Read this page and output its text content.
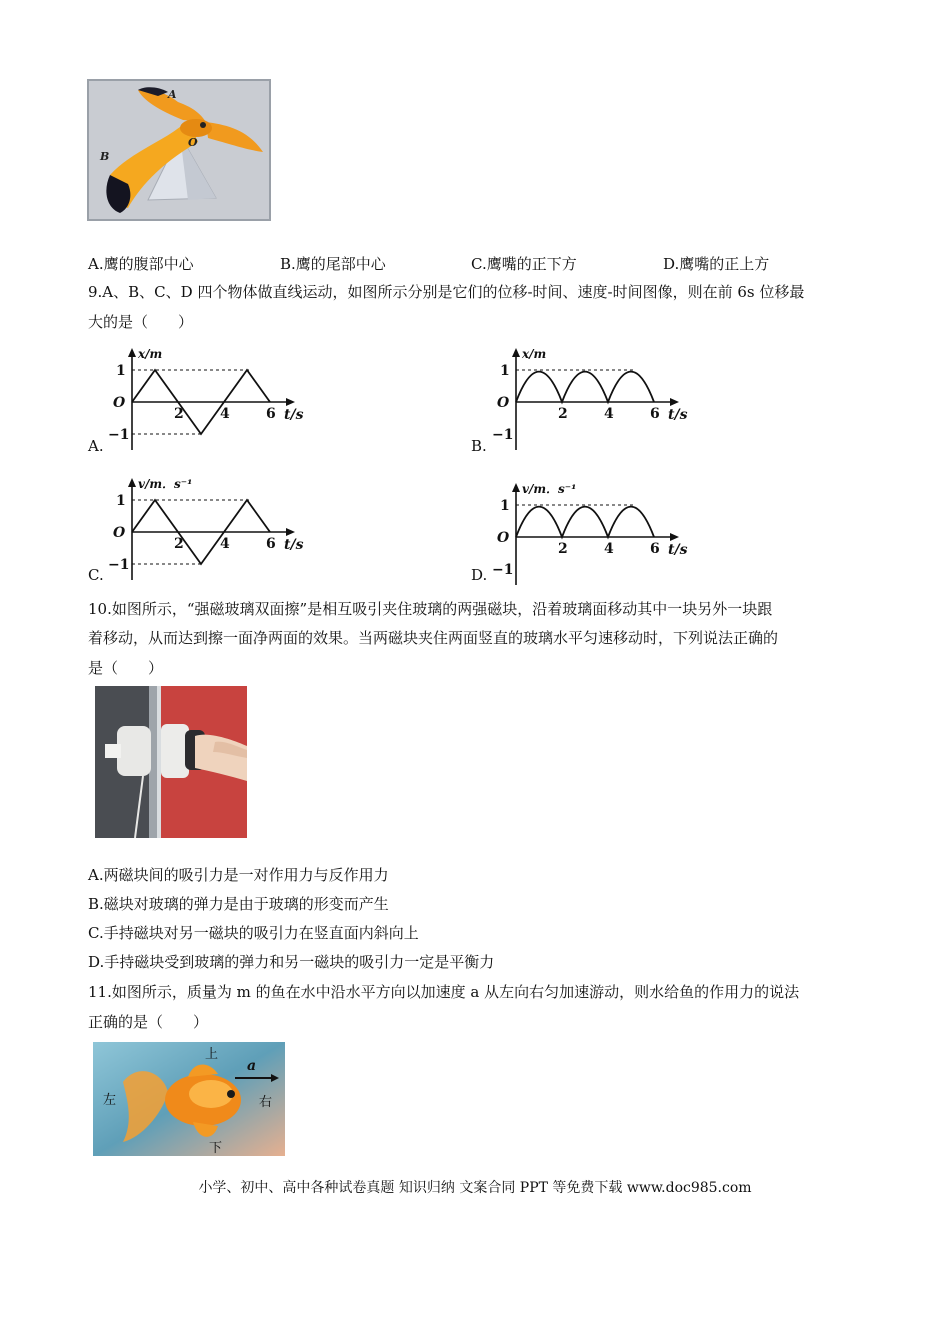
A
B
O
A.鹰的腹部中心	B.鹰的尾部中心	C.鹰嘴的正下方	D.鹰嘴的正上方
9.A、B、C、D 四个物体做直线运动，如图所示分别是它们的位移-时间、速度-时间图像，则在前 6s 位移最
大的是（　　）
A.
O
1
−1
2	4	6 t/s
x/m
B.
O
1
−1
2	4	6 t/s
x/m
C.
O
1
−1
2	4	6 t/s
v/m．s⁻¹
D.
O
1
−1
2	4	6 t/s
v/m．s⁻¹
10.如图所示，“强磁玻璃双面擦”是相互吸引夹住玻璃的两强磁块，沿着玻璃面移动其中一块另外一块跟
着移动，从而达到擦一面净两面的效果。当两磁块夹住两面竖直的玻璃水平匀速移动时，下列说法正确的
是（　　）
A.两磁块间的吸引力是一对作用力与反作用力
B.磁块对玻璃的弹力是由于玻璃的形变而产生
C.手持磁块对另一磁块的吸引力在竖直面内斜向上
D.手持磁块受到玻璃的弹力和另一磁块的吸引力一定是平衡力
11.如图所示，质量为 m 的鱼在水中沿水平方向以加速度 a 从左向右匀加速游动，则水给鱼的作用力的说法
正确的是（　　）
上
下
左	右
a
小学、初中、高中各种试卷真题 知识归纳 文案合同 PPT 等免费下载 www.doc985.com
